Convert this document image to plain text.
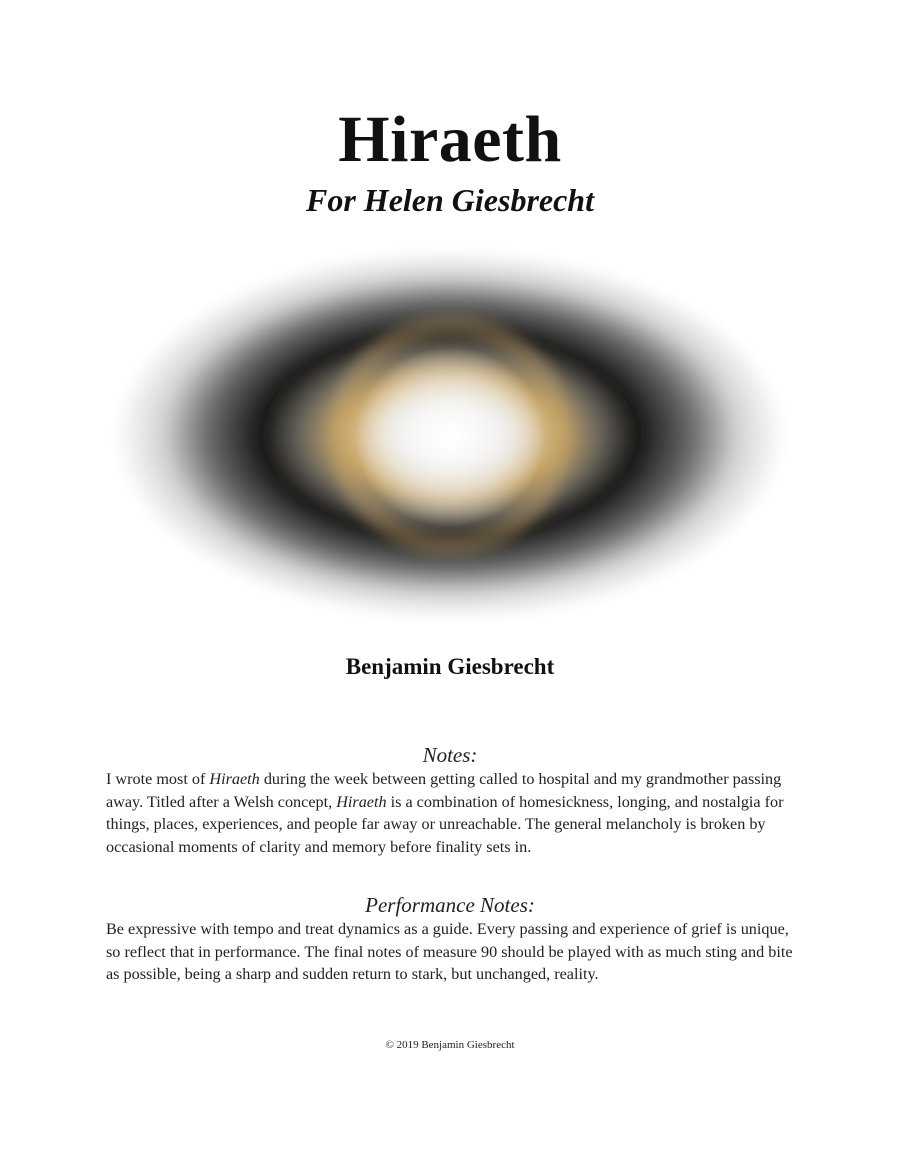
Hiraeth
For Helen Giesbrecht
Benjamin Giesbrecht
Notes:

I wrote most of Hiraeth during the week between getting called to hospital and my grandmother passing away. Titled after a Welsh concept, Hiraeth is a combination of homesickness, longing, and nostalgia for things, places, experiences, and people far away or unreachable. The general melancholy is broken by occasional moments of clarity and memory before finality sets in.

Performance Notes:

Be expressive with tempo and treat dynamics as a guide. Every passing and experience of grief is unique, so reflect that in performance. The final notes of measure 90 should be played with as much sting and bite as possible, being a sharp and sudden return to stark, but unchanged, reality.

© 2019 Benjamin Giesbrecht
